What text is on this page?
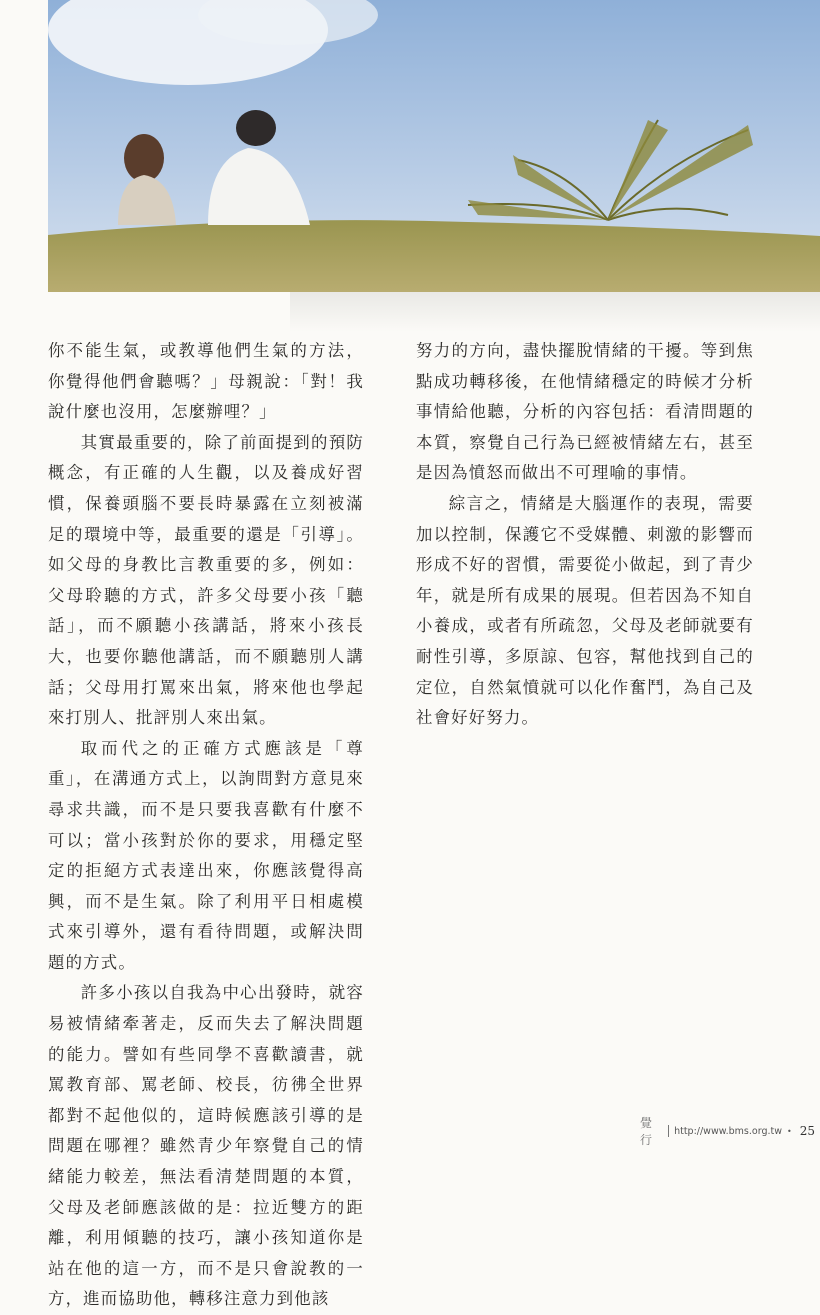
你不能生氣，或教導他們生氣的方法，你覺得他們會聽嗎？」母親說：「對！我說什麼也沒用，怎麼辦哩？」

其實最重要的，除了前面提到的預防概念，有正確的人生觀，以及養成好習慣，保養頭腦不要長時暴露在立刻被滿足的環境中等，最重要的還是「引導」。如父母的身教比言教重要的多，例如：父母聆聽的方式，許多父母要小孩「聽話」，而不願聽小孩講話，將來小孩長大，也要你聽他講話，而不願聽別人講話；父母用打罵來出氣，將來他也學起來打別人、批評別人來出氣。

取而代之的正確方式應該是「尊重」，在溝通方式上，以詢問對方意見來尋求共識，而不是只要我喜歡有什麼不可以；當小孩對於你的要求，用穩定堅定的拒絕方式表達出來，你應該覺得高興，而不是生氣。除了利用平日相處模式來引導外，還有看待問題，或解決問題的方式。

許多小孩以自我為中心出發時，就容易被情緒牽著走，反而失去了解決問題的能力。譬如有些同學不喜歡讀書，就罵教育部、罵老師、校長，彷彿全世界都對不起他似的，這時候應該引導的是問題在哪裡？雖然青少年察覺自己的情緒能力較差，無法看清楚問題的本質，父母及老師應該做的是：拉近雙方的距離，利用傾聽的技巧，讓小孩知道你是站在他的這一方，而不是只會說教的一方，進而協助他，轉移注意力到他該

努力的方向，盡快擺脫情緒的干擾。等到焦點成功轉移後，在他情緒穩定的時候才分析事情給他聽，分析的內容包括：看清問題的本質，察覺自己行為已經被情緒左右，甚至是因為憤怒而做出不可理喻的事情。

綜言之，情緒是大腦運作的表現，需要加以控制，保護它不受媒體、刺激的影響而形成不好的習慣，需要從小做起，到了青少年，就是所有成果的展現。但若因為不知自小養成，或者有所疏忽，父母及老師就要有耐性引導，多原諒、包容，幫他找到自己的定位，自然氣憤就可以化作奮鬥，為自己及社會好好努力。

覺行
http://www.bms.org.tw • 25
